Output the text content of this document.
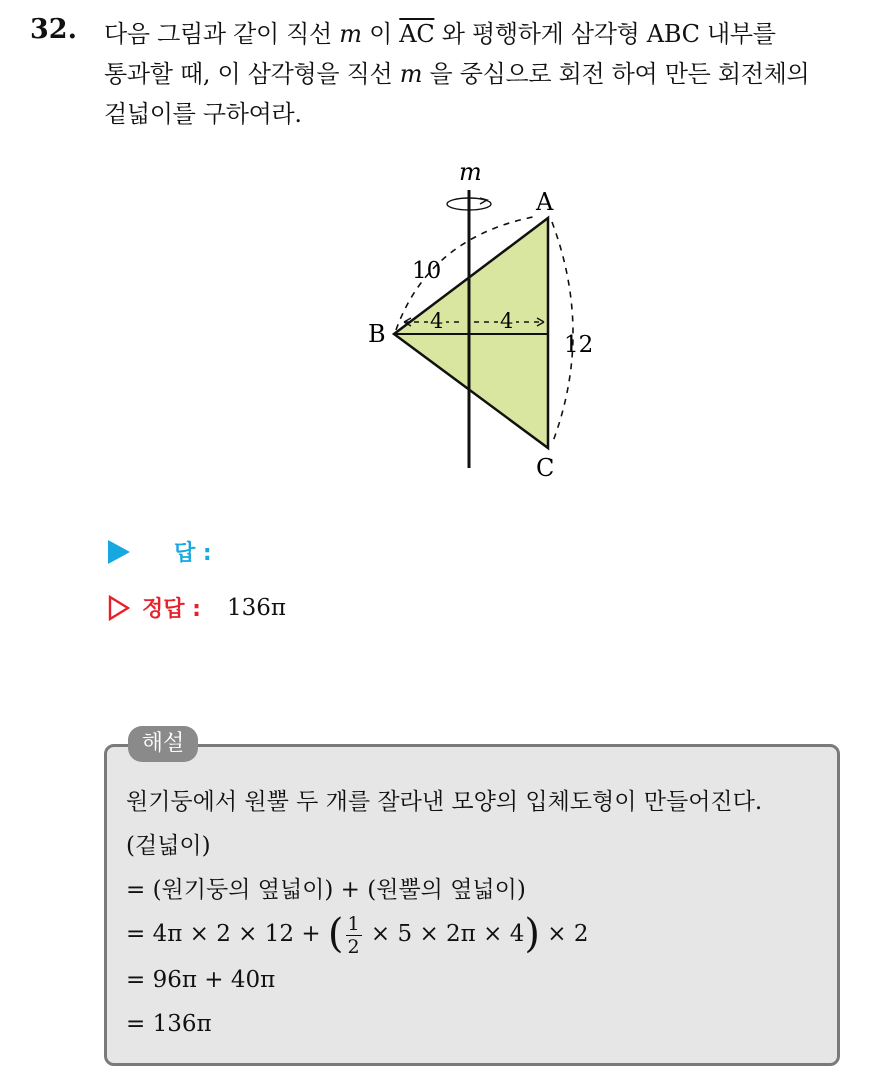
32. 다음 그림과 같이 직선 m 이 $\overline{AC}$ 와 평행하게 삼각형 ABC 내부를
통과할 때, 이 삼각형을 직선 m 을 중심으로 회전 하여 만든 회전체의
겉넓이를 구하여라.
m
A
B
C
10
12
4	4
답 :
정답 : 136π
해설
원기둥에서 원뿔 두 개를 잘라낸 모양의 입체도형이 만들어진다.
(겉넓이)
= (원기둥의 옆넓이) + (원뿔의 옆넓이)
= 4π × 2 × 12 + ( $\frac{1}{2} \times 5 \times 2\pi \times 4) \times 2$
= 96π + 40π
= 136π
